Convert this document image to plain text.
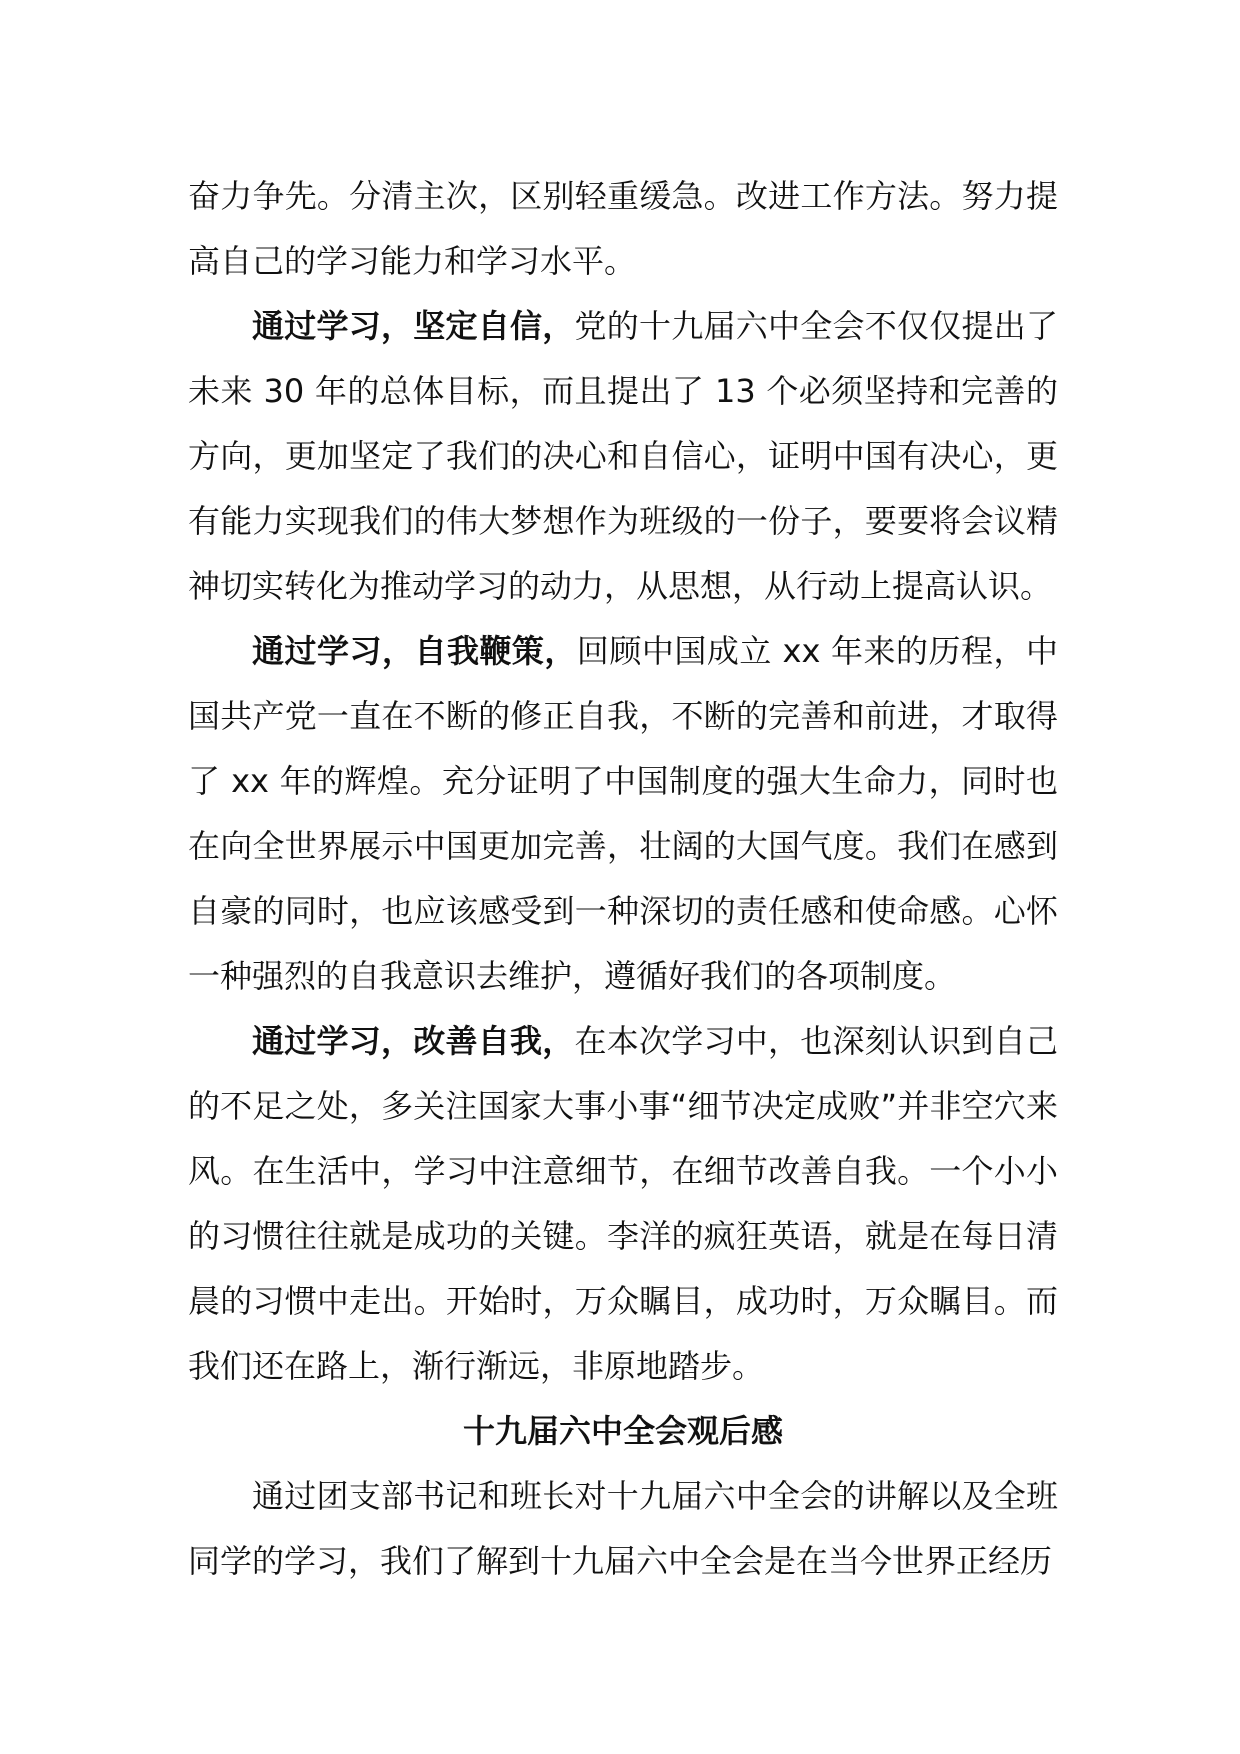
奋力争先。分清主次，区别轻重缓急。改进工作方法。努力提高自己的学习能力和学习水平。

通过学习，坚定自信，党的十九届六中全会不仅仅提出了未来 30 年的总体目标，而且提出了 13 个必须坚持和完善的方向，更加坚定了我们的决心和自信心，证明中国有决心，更有能力实现我们的伟大梦想作为班级的一份子，要要将会议精神切实转化为推动学习的动力，从思想，从行动上提高认识。

通过学习，自我鞭策，回顾中国成立 xx 年来的历程，中国共产党一直在不断的修正自我，不断的完善和前进，才取得了 xx 年的辉煌。充分证明了中国制度的强大生命力，同时也在向全世界展示中国更加完善，壮阔的大国气度。我们在感到自豪的同时，也应该感受到一种深切的责任感和使命感。心怀一种强烈的自我意识去维护，遵循好我们的各项制度。

通过学习，改善自我，在本次学习中，也深刻认识到自己的不足之处，多关注国家大事小事“细节决定成败”并非空穴来风。在生活中，学习中注意细节，在细节改善自我。一个小小的习惯往往就是成功的关键。李洋的疯狂英语，就是在每日清晨的习惯中走出。开始时，万众瞩目，成功时，万众瞩目。而我们还在路上，渐行渐远，非原地踏步。

十九届六中全会观后感

通过团支部书记和班长对十九届六中全会的讲解以及全班同学的学习，我们了解到十九届六中全会是在当今世界正经历
